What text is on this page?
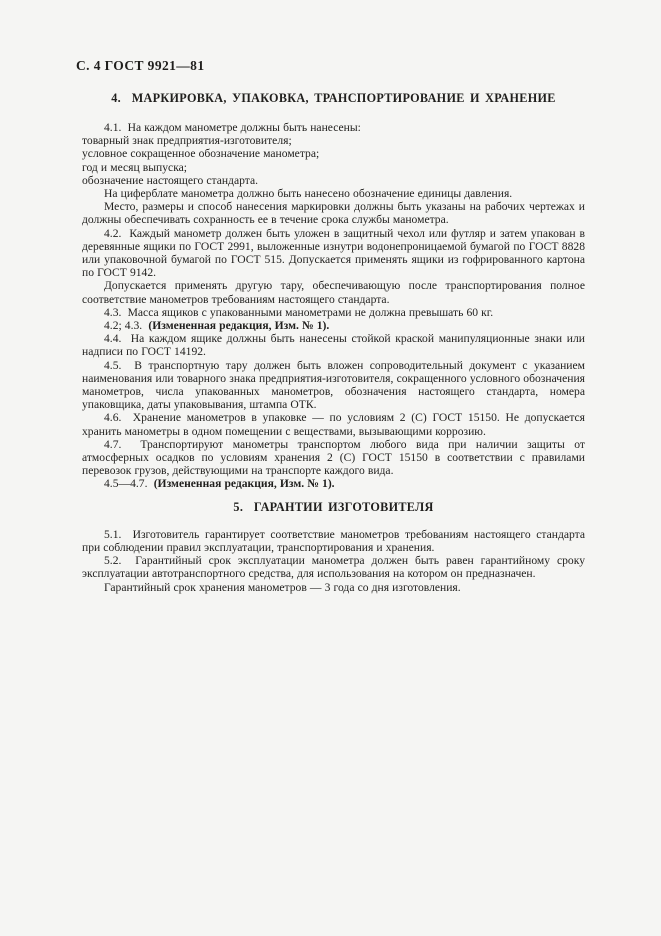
С. 4 ГОСТ 9921—81
4.  МАРКИРОВКА, УПАКОВКА, ТРАНСПОРТИРОВАНИЕ И ХРАНЕНИЕ

4.1.  На каждом манометре должны быть нанесены:

товарный знак предприятия-изготовителя;

условное сокращенное обозначение манометра;

год и месяц выпуска;

обозначение настоящего стандарта.

На циферблате манометра должно быть нанесено обозначение единицы давления.

Место, размеры и способ нанесения маркировки должны быть указаны на рабочих чертежах и должны обеспечивать сохранность ее в течение срока службы манометра.

4.2.  Каждый манометр должен быть уложен в защитный чехол или футляр и затем упакован в деревянные ящики по ГОСТ 2991, выложенные изнутри водонепроницаемой бумагой по ГОСТ 8828 или упаковочной бумагой по ГОСТ 515. Допускается применять ящики из гофрированного картона по ГОСТ 9142.

Допускается применять другую тару, обеспечивающую после транспортирования полное соответствие манометров требованиям настоящего стандарта.

4.3.  Масса ящиков с упакованными манометрами не должна превышать 60 кг.

4.2; 4.3.  (Измененная редакция, Изм. № 1).

4.4.  На каждом ящике должны быть нанесены стойкой краской манипуляционные знаки или надписи по ГОСТ 14192.

4.5.  В транспортную тару должен быть вложен сопроводительный документ с указанием наименования или товарного знака предприятия-изготовителя, сокращенного условного обозначения манометров, числа упакованных манометров, обозначения настоящего стандарта, номера упаковщика, даты упаковывания, штампа ОТК.

4.6.  Хранение манометров в упаковке — по условиям 2 (С) ГОСТ 15150. Не допускается хранить манометры в одном помещении с веществами, вызывающими коррозию.

4.7.  Транспортируют манометры транспортом любого вида при наличии защиты от атмосферных осадков по условиям хранения 2 (С) ГОСТ 15150 в соответствии с правилами перевозок грузов, действующими на транспорте каждого вида.

4.5—4.7.  (Измененная редакция, Изм. № 1).

5.  ГАРАНТИИ ИЗГОТОВИТЕЛЯ

5.1.  Изготовитель гарантирует соответствие манометров требованиям настоящего стандарта при соблюдении правил эксплуатации, транспортирования и хранения.

5.2.  Гарантийный срок эксплуатации манометра должен быть равен гарантийному сроку эксплуатации автотранспортного средства, для использования на котором он предназначен.

Гарантийный срок хранения манометров — 3 года со дня изготовления.
